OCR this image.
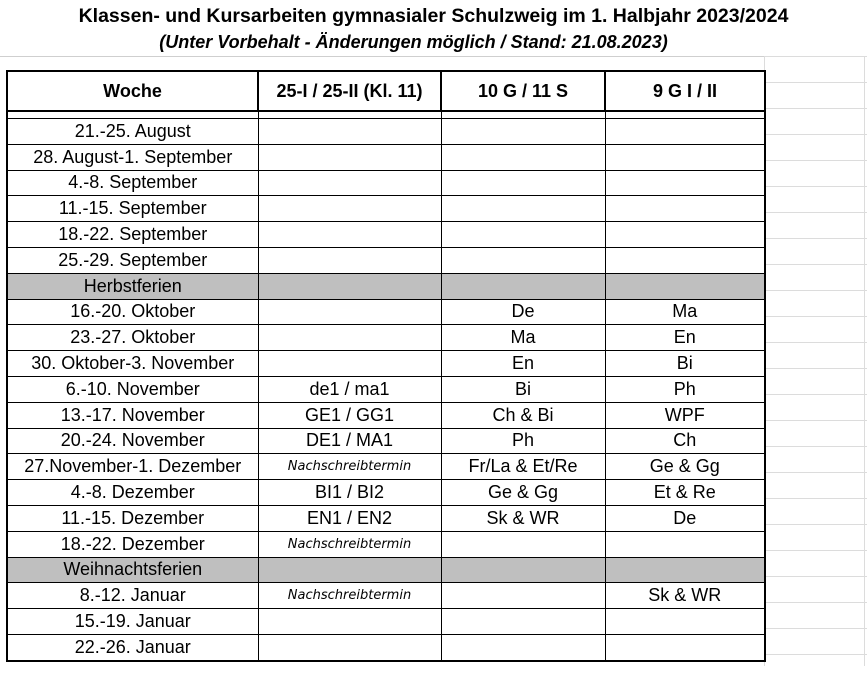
Klassen- und Kursarbeiten gymnasialer Schulzweig im 1. Halbjahr 2023/2024
(Unter Vorbehalt - Änderungen möglich / Stand: 21.08.2023)
Woche	25-I / 25-II (Kl. 11)	10 G / 11 S	9 G I / II

21.-25. August			
28. August-1. September			
4.-8. September			
11.-15. September			
18.-22. September			
25.-29. September			
Herbstferien			
16.-20. Oktober		De	Ma
23.-27. Oktober		Ma	En
30. Oktober-3. November		En	Bi
6.-10. November	de1 / ma1	Bi	Ph
13.-17. November	GE1 / GG1	Ch & Bi	WPF
20.-24. November	DE1 / MA1	Ph	Ch
27.November-1. Dezember	Nachschreibtermin	Fr/La & Et/Re	Ge & Gg
4.-8. Dezember	BI1 / BI2	Ge & Gg	Et & Re
11.-15. Dezember	EN1 / EN2	Sk & WR	De
18.-22. Dezember	Nachschreibtermin		
Weihnachtsferien			
8.-12. Januar	Nachschreibtermin		Sk & WR
15.-19. Januar			
22.-26. Januar			
